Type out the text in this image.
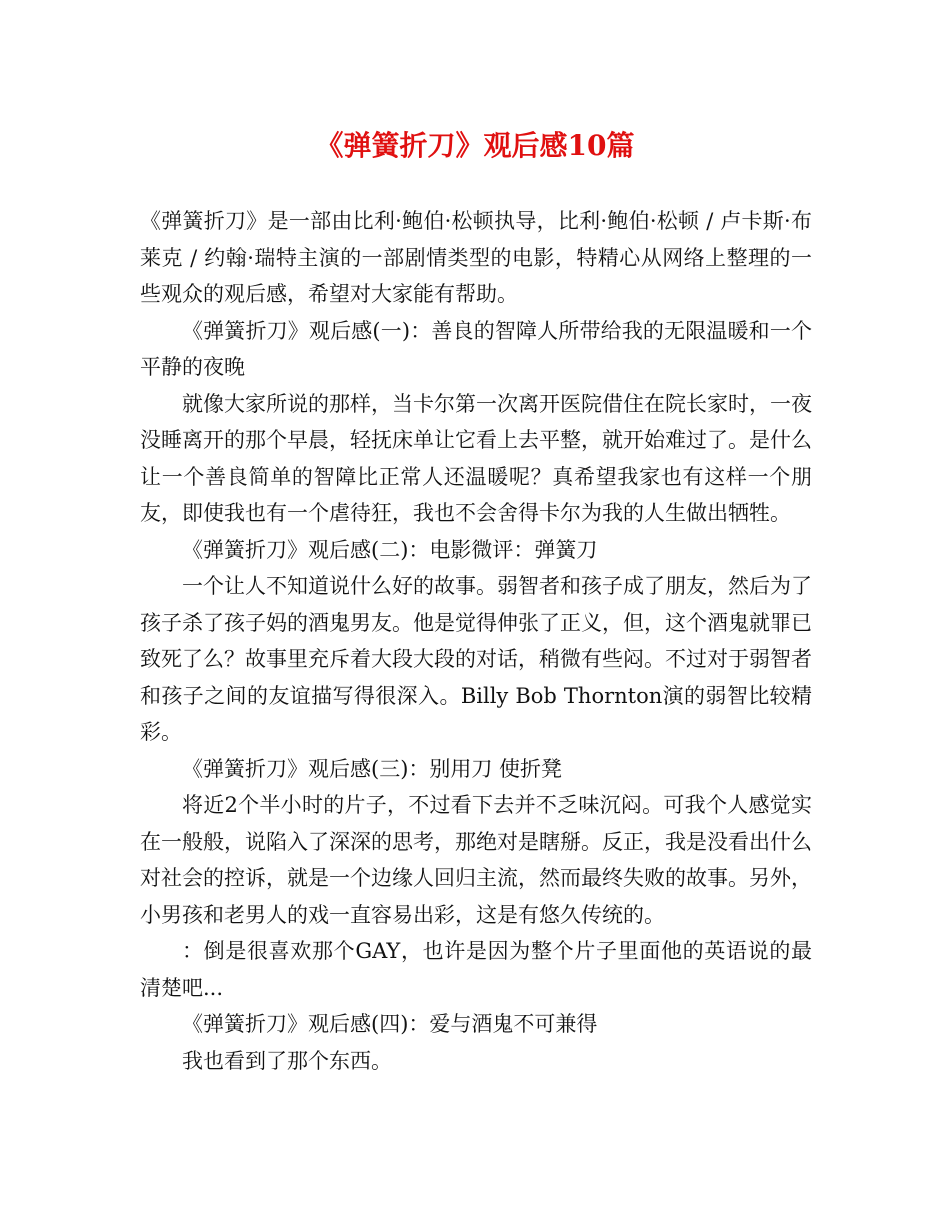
《弹簧折刀》观后感10篇

《弹簧折刀》是一部由比利·鲍伯·松顿执导，比利·鲍伯·松顿 / 卢卡斯·布莱克 / 约翰·瑞特主演的一部剧情类型的电影，特精心从网络上整理的一些观众的观后感，希望对大家能有帮助。

《弹簧折刀》观后感(一)：善良的智障人所带给我的无限温暖和一个平静的夜晚

就像大家所说的那样，当卡尔第一次离开医院借住在院长家时，一夜没睡离开的那个早晨，轻抚床单让它看上去平整，就开始难过了。是什么让一个善良简单的智障比正常人还温暖呢？真希望我家也有这样一个朋友，即使我也有一个虐待狂，我也不会舍得卡尔为我的人生做出牺牲。

《弹簧折刀》观后感(二)：电影微评：弹簧刀

一个让人不知道说什么好的故事。弱智者和孩子成了朋友，然后为了孩子杀了孩子妈的酒鬼男友。他是觉得伸张了正义，但，这个酒鬼就罪已致死了么？故事里充斥着大段大段的对话，稍微有些闷。不过对于弱智者和孩子之间的友谊描写得很深入。Billy Bob Thornton演的弱智比较精彩。

《弹簧折刀》观后感(三)：别用刀 使折凳

将近2个半小时的片子，不过看下去并不乏味沉闷。可我个人感觉实在一般般，说陷入了深深的思考，那绝对是瞎掰。反正，我是没看出什么对社会的控诉，就是一个边缘人回归主流，然而最终失败的故事。另外，小男孩和老男人的戏一直容易出彩，这是有悠久传统的。

：倒是很喜欢那个GAY，也许是因为整个片子里面他的英语说的最清楚吧...

《弹簧折刀》观后感(四)：爱与酒鬼不可兼得

我也看到了那个东西。
